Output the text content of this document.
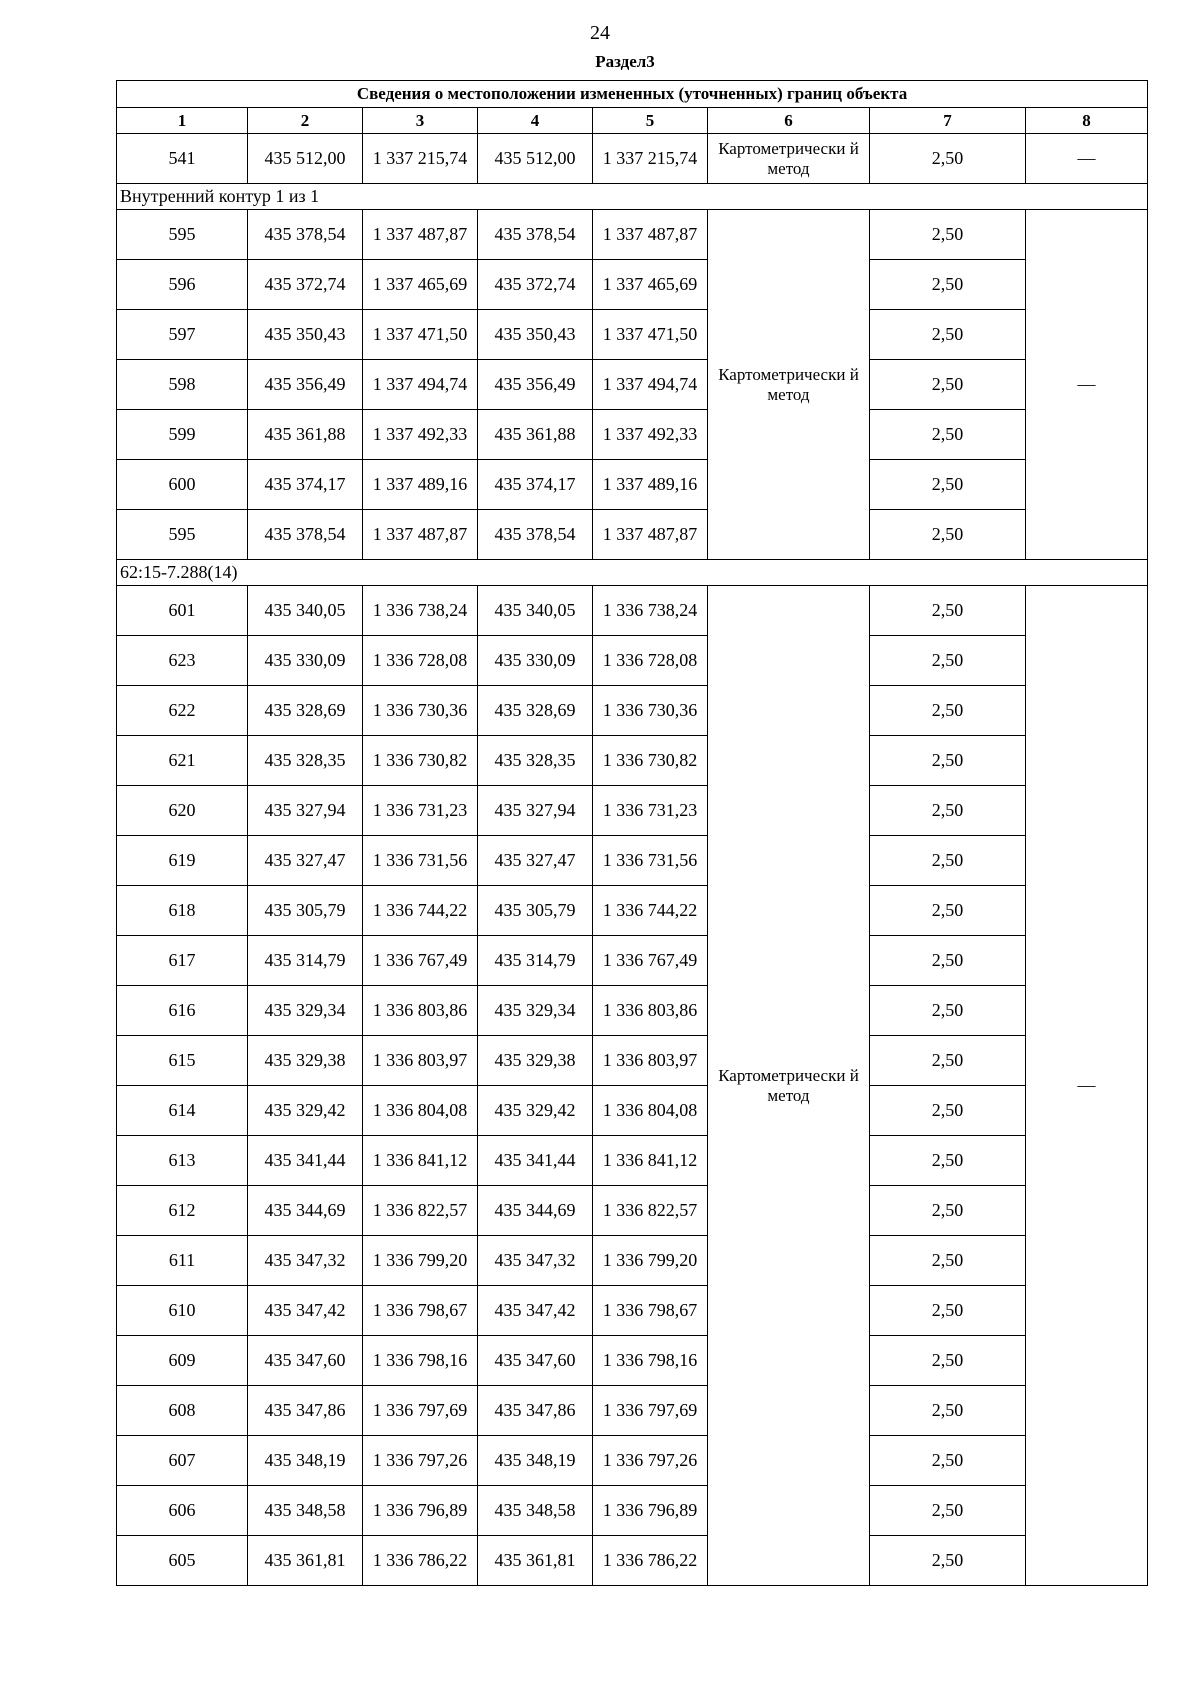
24
Раздел3
Сведения о местоположении измененных (уточненных) границ объекта							
1	2	3	4	5	6	7	8
541	435 512,00	1 337 215,74	435 512,00	1 337 215,74	Картометрически й метод	2,50	—
Внутренний контур 1 из 1							
595	435 378,54	1 337 487,87	435 378,54	1 337 487,87	Картометрически й метод	2,50	—
596	435 372,74	1 337 465,69	435 372,74	1 337 465,69		2,50	
597	435 350,43	1 337 471,50	435 350,43	1 337 471,50		2,50	
598	435 356,49	1 337 494,74	435 356,49	1 337 494,74		2,50	
599	435 361,88	1 337 492,33	435 361,88	1 337 492,33		2,50	
600	435 374,17	1 337 489,16	435 374,17	1 337 489,16		2,50	
595	435 378,54	1 337 487,87	435 378,54	1 337 487,87		2,50	
62:15-7.288(14)							
601	435 340,05	1 336 738,24	435 340,05	1 336 738,24	Картометрически й метод	2,50	—
623	435 330,09	1 336 728,08	435 330,09	1 336 728,08		2,50	
622	435 328,69	1 336 730,36	435 328,69	1 336 730,36		2,50	
621	435 328,35	1 336 730,82	435 328,35	1 336 730,82		2,50	
620	435 327,94	1 336 731,23	435 327,94	1 336 731,23		2,50	
619	435 327,47	1 336 731,56	435 327,47	1 336 731,56		2,50	
618	435 305,79	1 336 744,22	435 305,79	1 336 744,22		2,50	
617	435 314,79	1 336 767,49	435 314,79	1 336 767,49		2,50	
616	435 329,34	1 336 803,86	435 329,34	1 336 803,86		2,50	
615	435 329,38	1 336 803,97	435 329,38	1 336 803,97		2,50	
614	435 329,42	1 336 804,08	435 329,42	1 336 804,08		2,50	
613	435 341,44	1 336 841,12	435 341,44	1 336 841,12		2,50	
612	435 344,69	1 336 822,57	435 344,69	1 336 822,57		2,50	
611	435 347,32	1 336 799,20	435 347,32	1 336 799,20		2,50	
610	435 347,42	1 336 798,67	435 347,42	1 336 798,67		2,50	
609	435 347,60	1 336 798,16	435 347,60	1 336 798,16		2,50	
608	435 347,86	1 336 797,69	435 347,86	1 336 797,69		2,50	
607	435 348,19	1 336 797,26	435 348,19	1 336 797,26		2,50	
606	435 348,58	1 336 796,89	435 348,58	1 336 796,89		2,50	
605	435 361,81	1 336 786,22	435 361,81	1 336 786,22		2,50	
